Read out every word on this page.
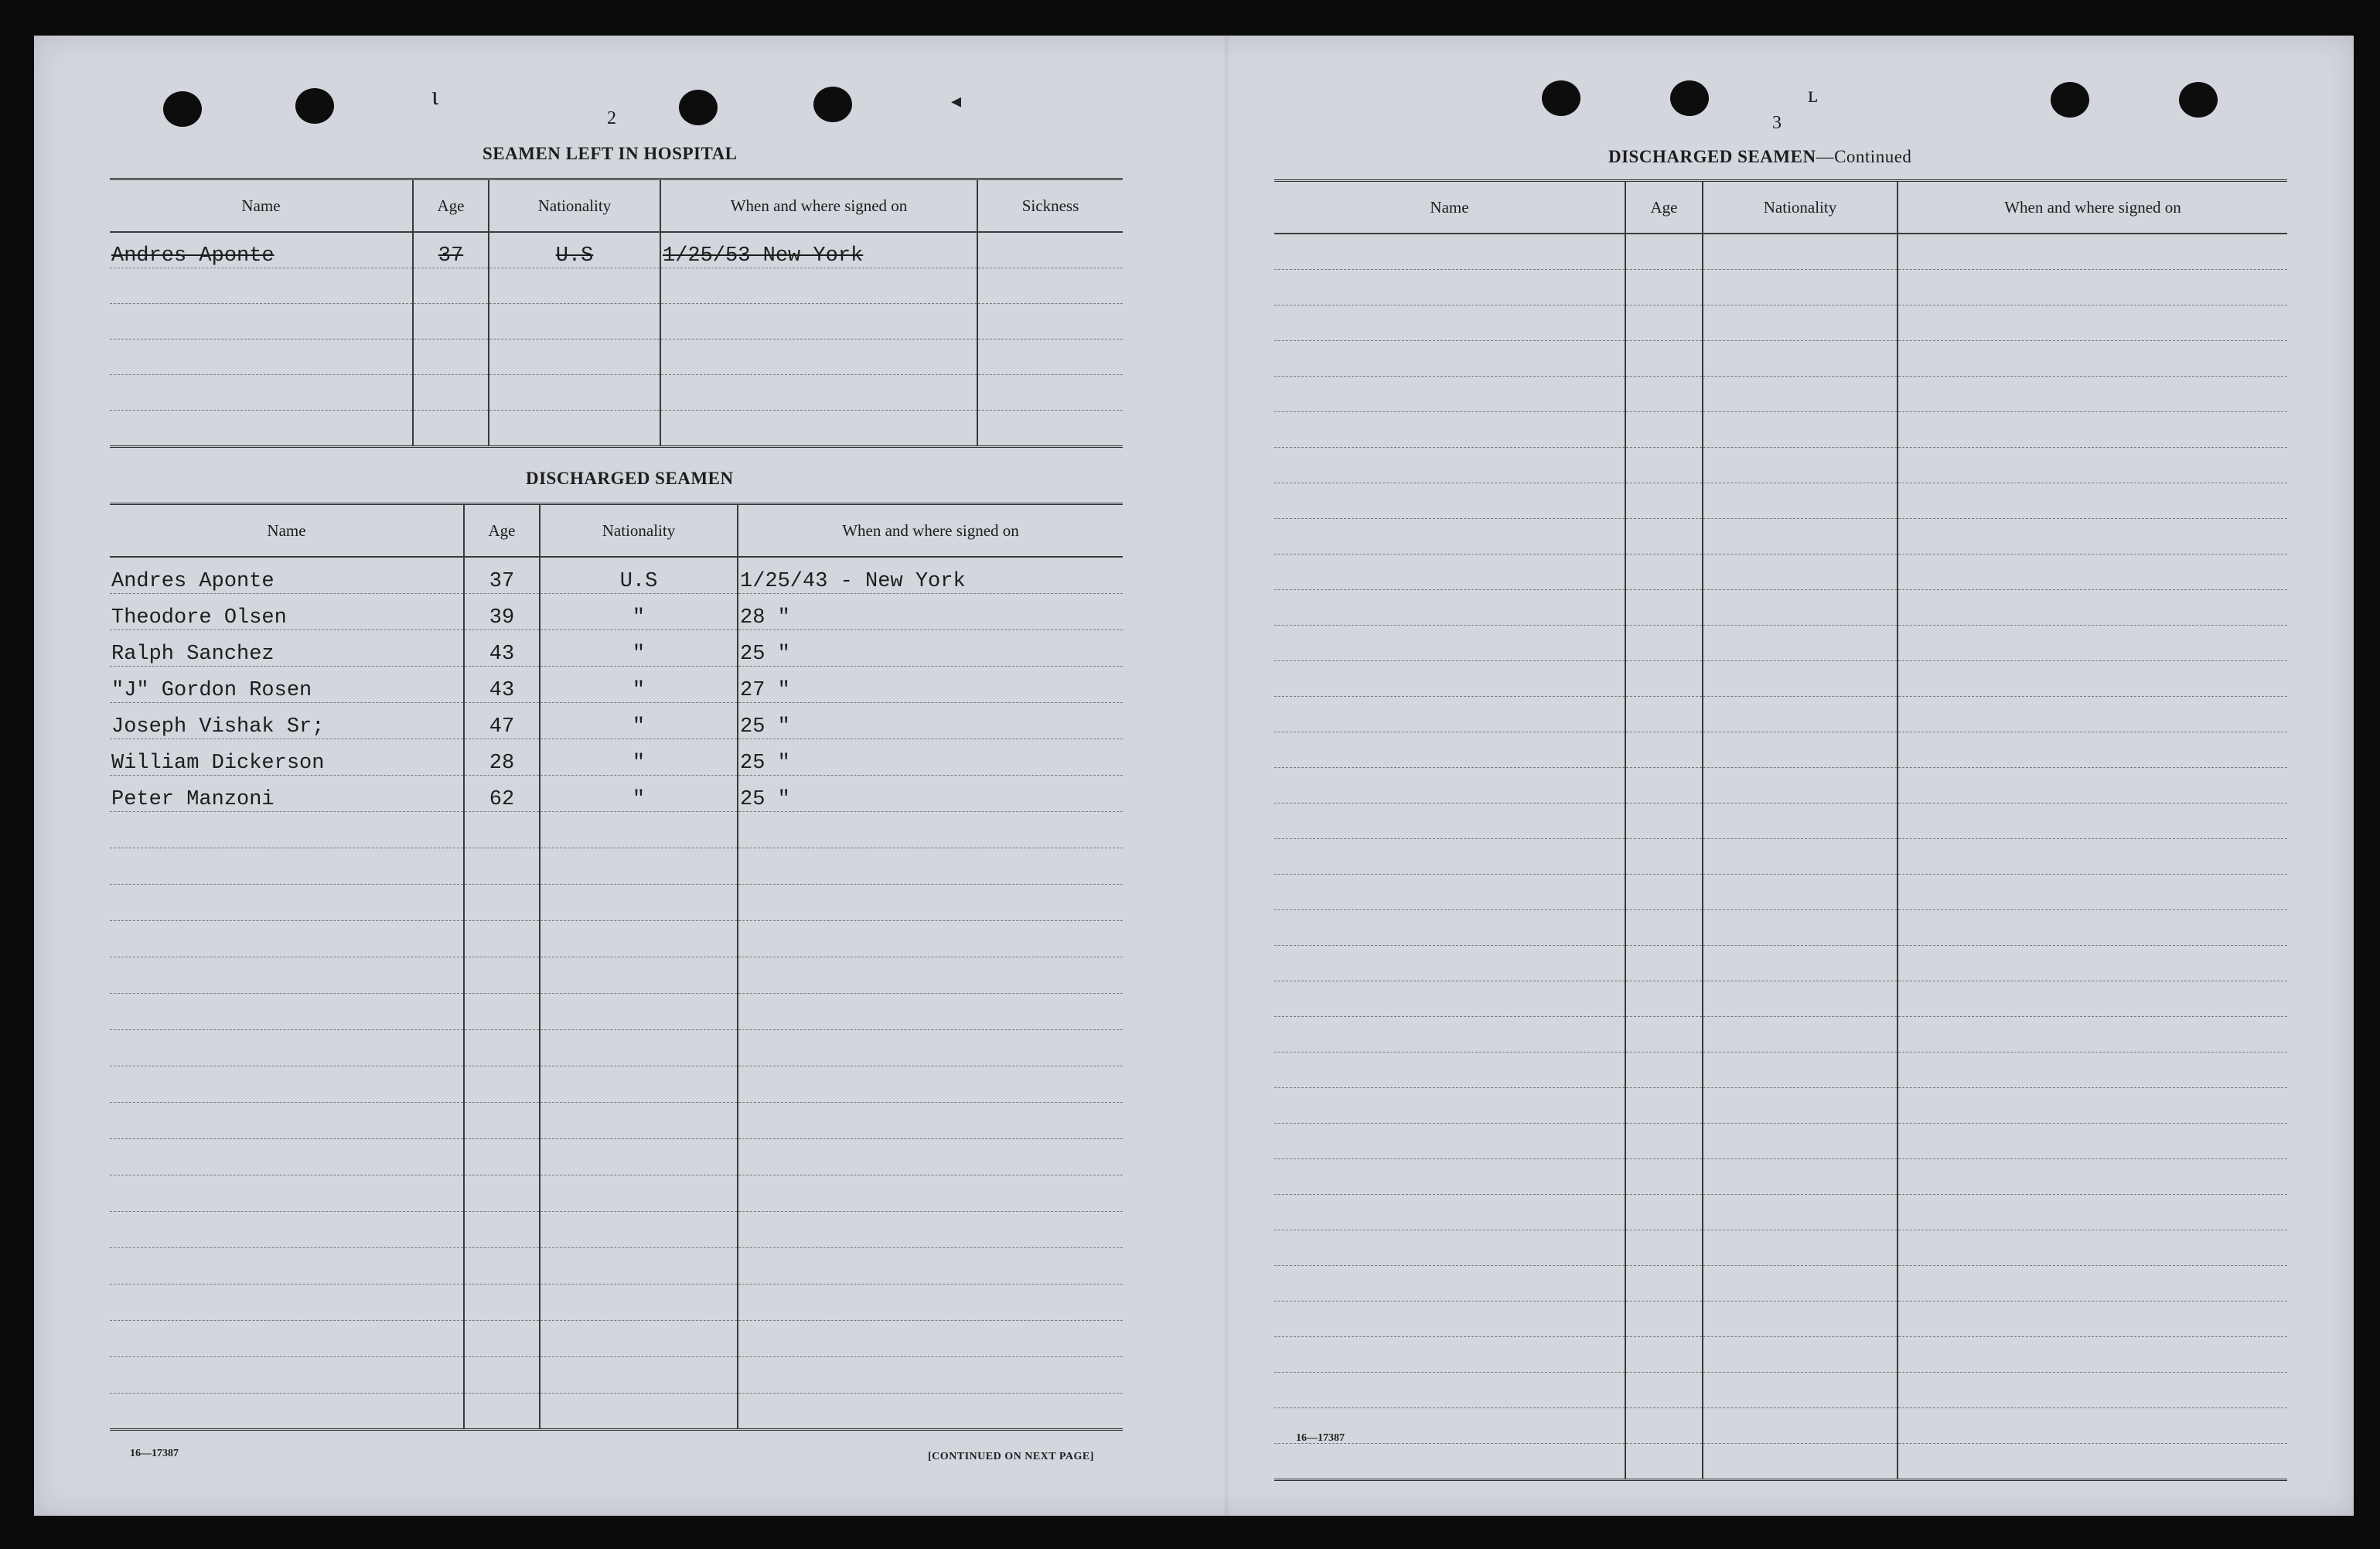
ɩ	◂	ʟ
2
SEAMEN LEFT IN HOSPITAL
Name	Age	Nationality	When and where signed on	Sickness
Andres Aponte	37	U.S	1/25/53 New York	

DISCHARGED SEAMEN
Name	Age	Nationality	When and where signed on
Andres Aponte	37	U.S	1/25/43 - New York
Theodore Olsen	39	"	28 "
Ralph Sanchez	43	"	25 "
"J" Gordon Rosen	43	"	27 "
Joseph Vishak Sr;	47	"	25 "
William Dickerson	28	"	25 "
Peter Manzoni	62	"	25 "

16—17387	[CONTINUED ON NEXT PAGE]
3
DISCHARGED SEAMEN—Continued
Name	Age	Nationality	When and where signed on

16—17387
